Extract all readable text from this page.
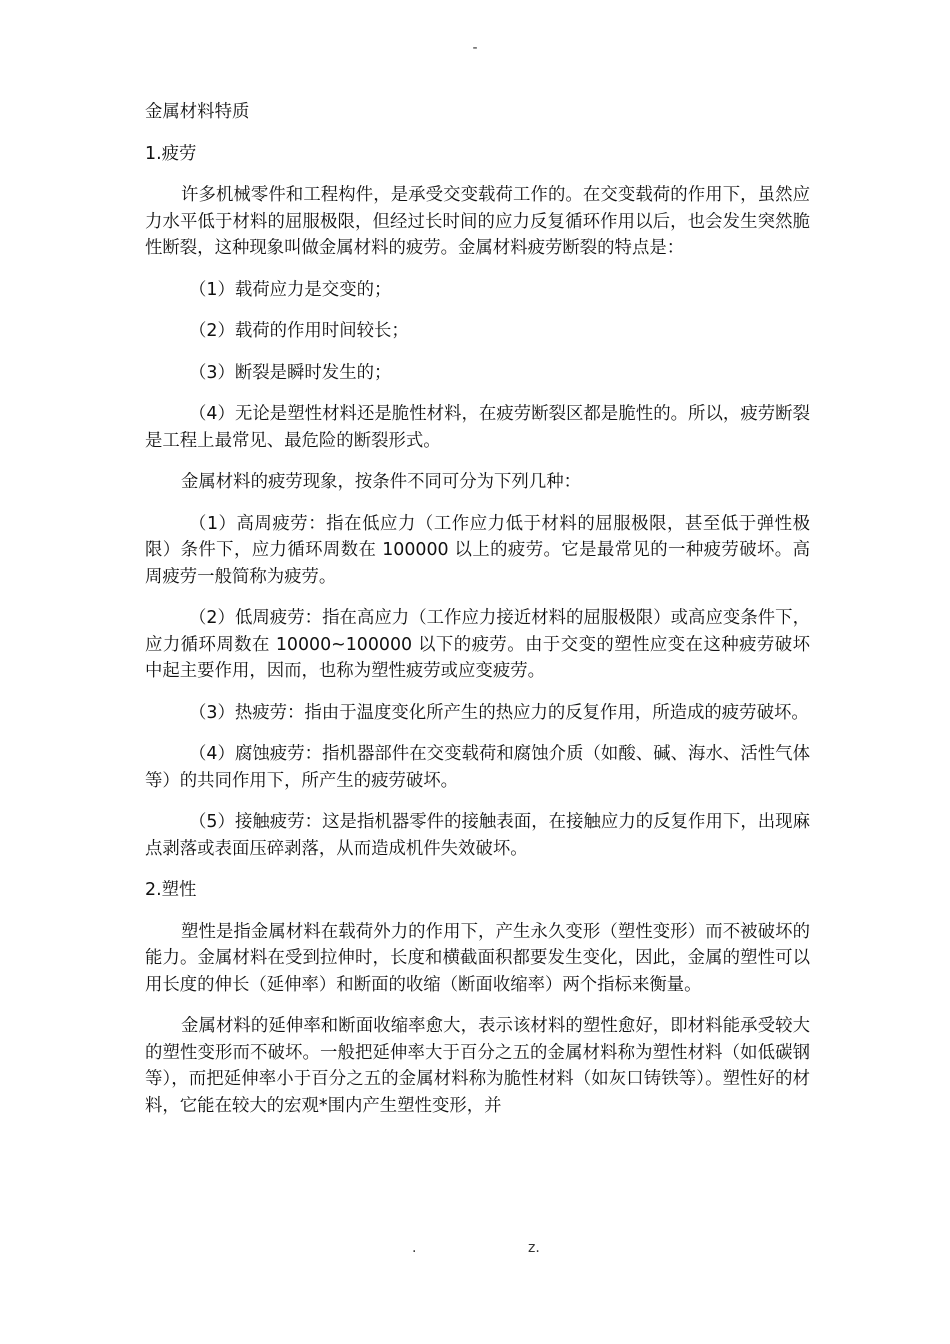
-

金属材料特质

1.疲劳

许多机械零件和工程构件，是承受交变载荷工作的。在交变载荷的作用下，虽然应力水平低于材料的屈服极限，但经过长时间的应力反复循环作用以后，也会发生突然脆性断裂，这种现象叫做金属材料的疲劳。金属材料疲劳断裂的特点是：

（1）载荷应力是交变的；

（2）载荷的作用时间较长；

（3）断裂是瞬时发生的；

（4）无论是塑性材料还是脆性材料，在疲劳断裂区都是脆性的。所以，疲劳断裂是工程上最常见、最危险的断裂形式。

金属材料的疲劳现象，按条件不同可分为下列几种：

（1）高周疲劳：指在低应力（工作应力低于材料的屈服极限，甚至低于弹性极限）条件下，应力循环周数在 100000 以上的疲劳。它是最常见的一种疲劳破坏。高周疲劳一般简称为疲劳。

（2）低周疲劳：指在高应力（工作应力接近材料的屈服极限）或高应变条件下，应力循环周数在 10000~100000 以下的疲劳。由于交变的塑性应变在这种疲劳破坏中起主要作用，因而，也称为塑性疲劳或应变疲劳。

（3）热疲劳：指由于温度变化所产生的热应力的反复作用，所造成的疲劳破坏。

（4）腐蚀疲劳：指机器部件在交变载荷和腐蚀介质（如酸、碱、海水、活性气体等）的共同作用下，所产生的疲劳破坏。

（5）接触疲劳：这是指机器零件的接触表面，在接触应力的反复作用下，出现麻点剥落或表面压碎剥落，从而造成机件失效破坏。

2.塑性

塑性是指金属材料在载荷外力的作用下，产生永久变形（塑性变形）而不被破坏的能力。金属材料在受到拉伸时，长度和横截面积都要发生变化，因此，金属的塑性可以用长度的伸长（延伸率）和断面的收缩（断面收缩率）两个指标来衡量。

金属材料的延伸率和断面收缩率愈大，表示该材料的塑性愈好，即材料能承受较大的塑性变形而不破坏。一般把延伸率大于百分之五的金属材料称为塑性材料（如低碳钢等），而把延伸率小于百分之五的金属材料称为脆性材料（如灰口铸铁等）。塑性好的材料，它能在较大的宏观*围内产生塑性变形，并

.	z.
